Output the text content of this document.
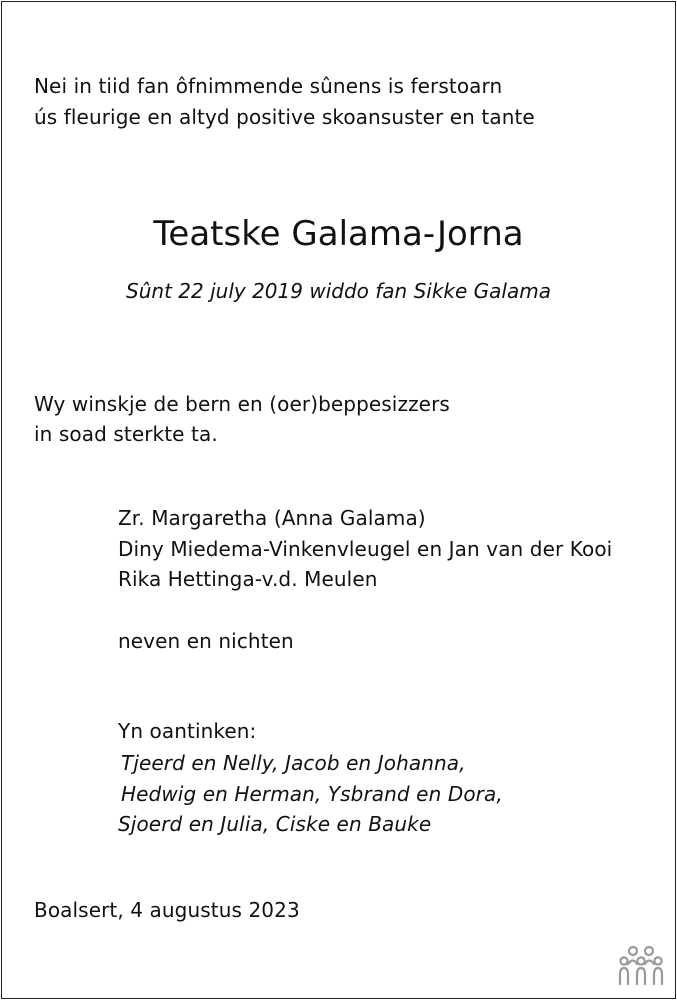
Nei in tiid fan ôfnimmende sûnens is ferstoarn
ús fleurige en altyd positive skoansuster en tante
Teatske Galama-Jorna
Sûnt 22 july 2019 widdo fan Sikke Galama
Wy winskje de bern en (oer)beppesizzers
in soad sterkte ta.
Zr. Margaretha (Anna Galama)
Diny Miedema-Vinkenvleugel en Jan van der Kooi
Rika Hettinga-v.d. Meulen
neven en nichten
Yn oantinken:
Tjeerd en Nelly, Jacob en Johanna,
Hedwig en Herman, Ysbrand en Dora,
Sjoerd en Julia, Ciske en Bauke
Boalsert, 4 augustus 2023
